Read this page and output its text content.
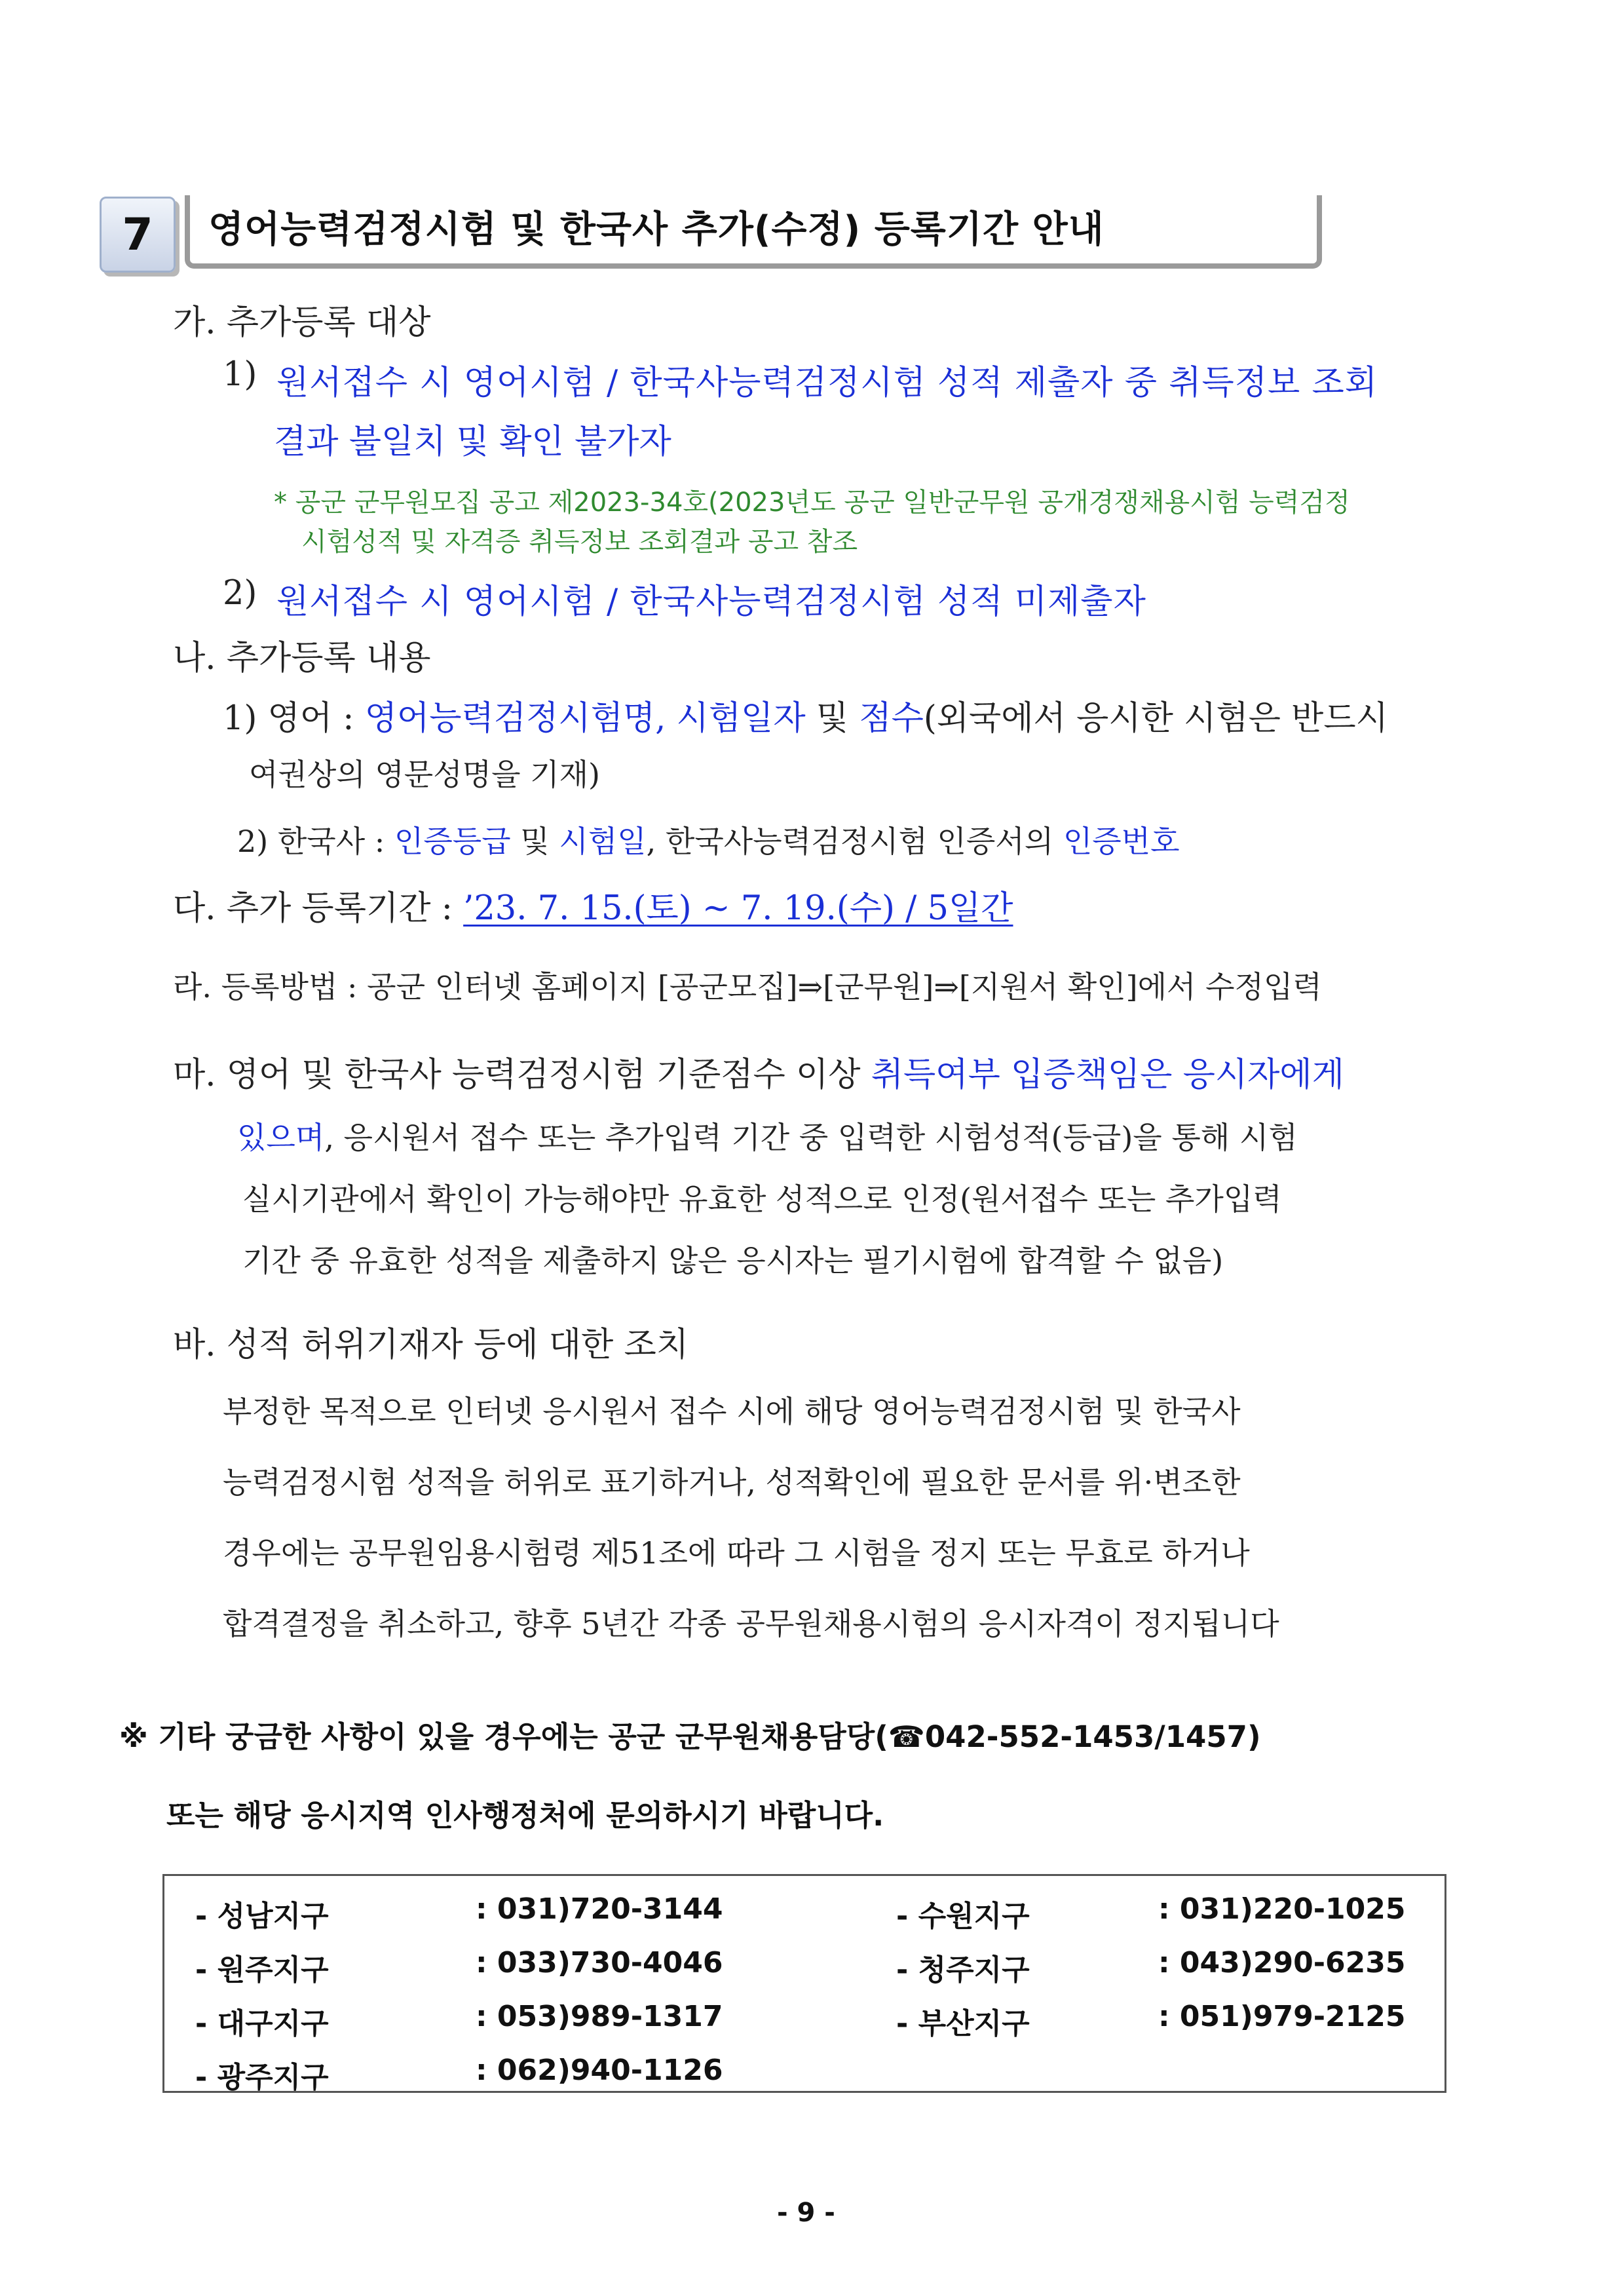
7	영어능력검정시험 및 한국사 추가(수정) 등록기간 안내
가. 추가등록 대상
1) 원서접수 시 영어시험 / 한국사능력검정시험 성적 제출자 중 취득정보 조회
결과 불일치 및 확인 불가자
* 공군 군무원모집 공고 제2023-34호(2023년도 공군 일반군무원 공개경쟁채용시험 능력검정
시험성적 및 자격증 취득정보 조회결과 공고 참조
2) 원서접수 시 영어시험 / 한국사능력검정시험 성적 미제출자
나. 추가등록 내용
1) 영어 : 영어능력검정시험명, 시험일자 및 점수(외국에서 응시한 시험은 반드시
여권상의 영문성명을 기재)
2) 한국사 : 인증등급 및 시험일, 한국사능력검정시험 인증서의 인증번호
다. 추가 등록기간 : ’23. 7. 15.(토) ~ 7. 19.(수) / 5일간
라. 등록방법 : 공군 인터넷 홈페이지 [공군모집]⇒[군무원]⇒[지원서 확인]에서 수정입력
마. 영어 및 한국사 능력검정시험 기준점수 이상 취득여부 입증책임은 응시자에게
있으며, 응시원서 접수 또는 추가입력 기간 중 입력한 시험성적(등급)을 통해 시험
실시기관에서 확인이 가능해야만 유효한 성적으로 인정(원서접수 또는 추가입력
기간 중 유효한 성적을 제출하지 않은 응시자는 필기시험에 합격할 수 없음)
바. 성적 허위기재자 등에 대한 조치
부정한 목적으로 인터넷 응시원서 접수 시에 해당 영어능력검정시험 및 한국사
능력검정시험 성적을 허위로 표기하거나, 성적확인에 필요한 문서를 위·변조한
경우에는 공무원임용시험령 제51조에 따라 그 시험을 정지 또는 무효로 하거나
합격결정을 취소하고, 향후 5년간 각종 공무원채용시험의 응시자격이 정지됩니다
※ 기타 궁금한 사항이 있을 경우에는 공군 군무원채용담당(☎042-552-1453/1457)
또는 해당 응시지역 인사행정처에 문의하시기 바랍니다.
- 성남지구	: 031)720-3144	- 수원지구	: 031)220-1025
- 원주지구	: 033)730-4046	- 청주지구	: 043)290-6235
- 대구지구	: 053)989-1317	- 부산지구	: 051)979-2125
- 광주지구	: 062)940-1126
- 9 -
